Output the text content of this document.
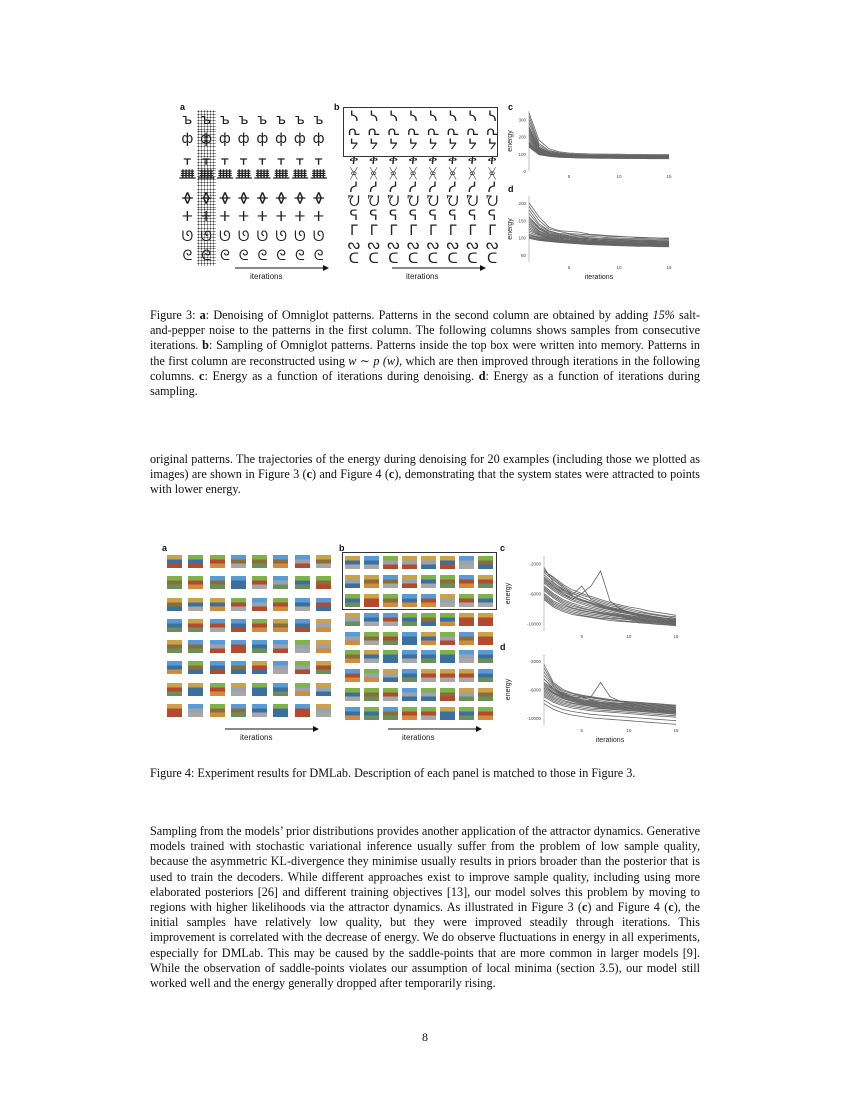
a
ъ ъ ъ ъ ъ ъ ъ ъ
ф ф ф ф ф ф ф ф
ᚁ ᚁ ᚁ ᚁ ᚁ ᚁ ᚁ ᚁ
ᚙ ᚙ ᚙ ᚙ ᚙ ᚙ ᚙ ᚙ
ᚖ ᚖ ᚖ ᚖ ᚖ ᚖ ᚖ ᚖ
ⵜ ⵜ ⵜ ⵜ ⵜ ⵜ ⵜ ⵜ
ᘎ ᘎ ᘎ ᘎ ᘎ ᘎ ᘎ ᘎ
ᘓ ᘓ ᘓ ᘓ ᘓ ᘓ ᘓ ᘓ
iterations
b
ᓴ ᓴ ᓴ ᓴ ᓴ ᓴ ᓴ ᓴ
ᕆ ᕆ ᕆ ᕆ ᕆ ᕆ ᕆ ᕆ
ᔭ ᔭ ᔭ ᔭ ᔭ ᔭ ᔭ ᔭ
ቀ ቀ ቀ ቀ ቀ ቀ ቀ ቀ
ᚸ ᚸ ᚸ ᚸ ᚸ ᚸ ᚸ ᚸ
ᓱ ᓱ ᓱ ᓱ ᓱ ᓱ ᓱ ᓱ
ᘨ ᘨ ᘨ ᘨ ᘨ ᘨ ᘨ ᘨ
ᕋ ᕋ ᕋ ᕋ ᕋ ᕋ ᕋ ᕋ
ᒥ ᒥ ᒥ ᒥ ᒥ ᒥ ᒥ ᒥ
ᔓ ᔓ ᔓ ᔓ ᔓ ᔓ ᔓ ᔓ
ᑕ ᑕ ᑕ ᑕ ᑕ ᑕ ᑕ ᑕ
iterations
c
0
100
200
300
5	10	15
energy
d
50
100
150
200
5	10	15
energy
iterations
Figure 3: a: Denoising of Omniglot patterns. Patterns in the second column are obtained by adding 15% salt-and-pepper noise to the patterns in the first column. The following columns shows samples from consecutive iterations. b: Sampling of Omniglot patterns. Patterns inside the top box were written into memory. Patterns in the first column are reconstructed using w ∼ p (w), which are then improved through iterations in the following columns. c: Energy as a function of iterations during denoising. d: Energy as a function of iterations during sampling.
original patterns. The trajectories of the energy during denoising for 20 examples (including those we plotted as images) are shown in Figure 3 (c) and Figure 4 (c), demonstrating that the system states were attracted to points with lower energy.
a
iterations
b
iterations
c
-2000
-6000
-10000
5	10	15
energy
d
-2000
-6000
-10000
5	10	15
energy
iterations
Figure 4: Experiment results for DMLab. Description of each panel is matched to those in Figure 3.
Sampling from the models’ prior distributions provides another application of the attractor dynamics. Generative models trained with stochastic variational inference usually suffer from the problem of low sample quality, because the asymmetric KL-divergence they minimise usually results in priors broader than the posterior that is used to train the decoders. While different approaches exist to improve sample quality, including using more elaborated posteriors [26] and different training objectives [13], our model solves this problem by moving to regions with higher likelihoods via the attractor dynamics. As illustrated in Figure 3 (c) and Figure 4 (c), the initial samples have relatively low quality, but they were improved steadily through iterations. This improvement is correlated with the decrease of energy. We do observe fluctuations in energy in all experiments, especially for DMLab. This may be caused by the saddle-points that are more common in larger models [9]. While the observation of saddle-points violates our assumption of local minima (section 3.5), our model still worked well and the energy generally dropped after temporarily rising.
8
